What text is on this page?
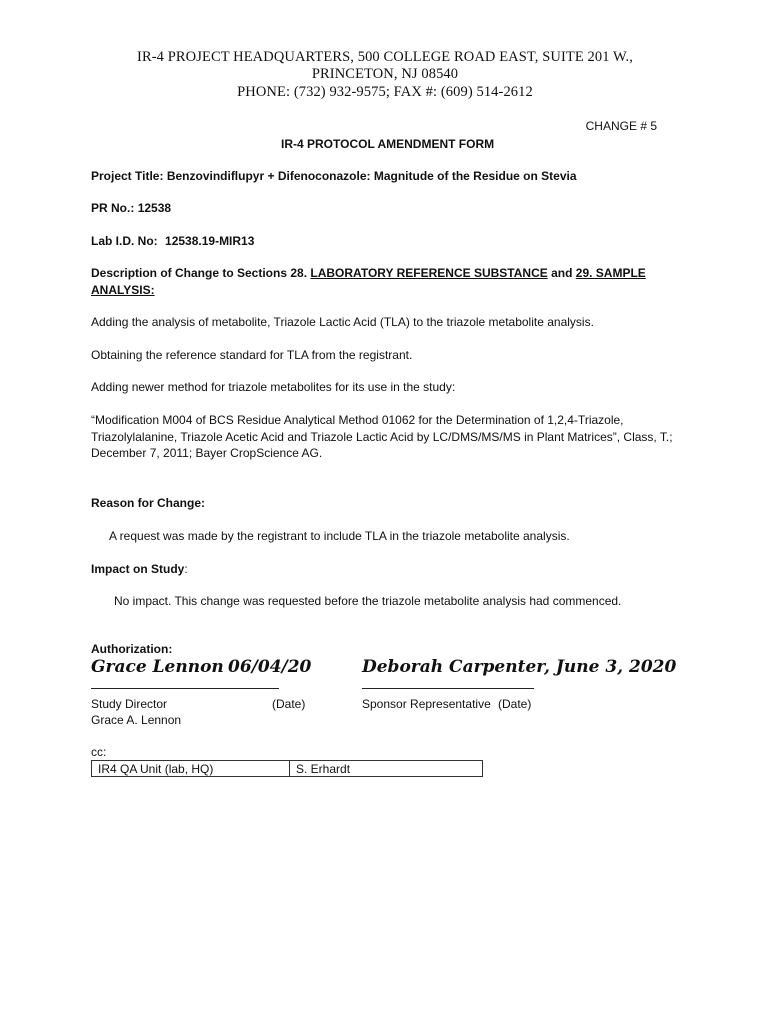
IR-4 PROJECT HEADQUARTERS, 500 COLLEGE ROAD EAST, SUITE 201 W.,
PRINCETON, NJ 08540
PHONE: (732) 932-9575; FAX #: (609) 514-2612
CHANGE # 5
IR-4 PROTOCOL AMENDMENT FORM
Project Title: Benzovindiflupyr + Difenoconazole: Magnitude of the Residue on Stevia
PR No.: 12538
Lab I.D. No: 12538.19-MIR13
Description of Change to Sections 28. LABORATORY REFERENCE SUBSTANCE and 29. SAMPLE
ANALYSIS:
Adding the analysis of metabolite, Triazole Lactic Acid (TLA) to the triazole metabolite analysis.
Obtaining the reference standard for TLA from the registrant.
Adding newer method for triazole metabolites for its use in the study:
“Modification M004 of BCS Residue Analytical Method 01062 for the Determination of 1,2,4-Triazole,
Triazolylalanine, Triazole Acetic Acid and Triazole Lactic Acid by LC/DMS/MS/MS in Plant Matrices”, Class, T.;
December 7, 2011; Bayer CropScience AG.
Reason for Change:
A request was made by the registrant to include TLA in the triazole metabolite analysis.
Impact on Study:
No impact. This change was requested before the triazole metabolite analysis had commenced.
Authorization:
Grace Lennon 06/04/20	Deborah Carpenter, June 3, 2020
Study Director	(Date)
Grace A. Lennon
Sponsor Representative (Date)
cc:
IR4 QA Unit (lab, HQ)	S. Erhardt
